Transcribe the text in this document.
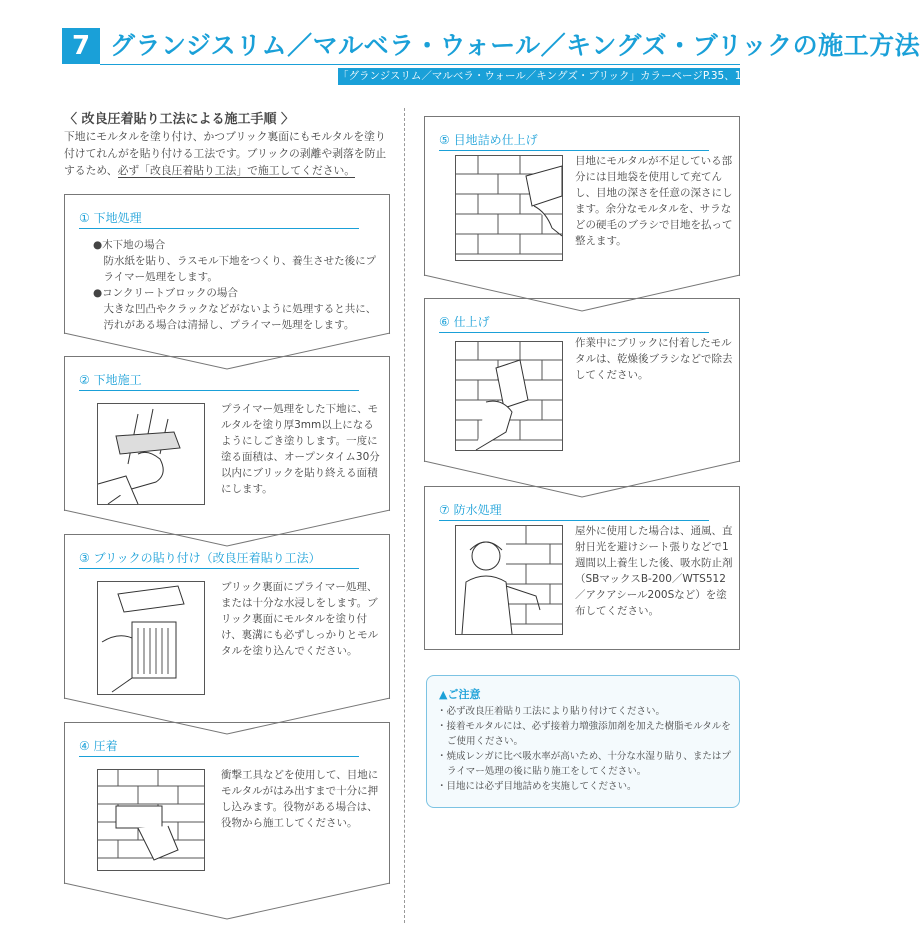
7 グランジスリム／マルベラ・ウォール／キングズ・ブリックの施工方法
「グランジスリム／マルベラ・ウォール／キングズ・ブリック」カラーページP.35、102-103
〈 改良圧着貼り工法による施工手順 〉
下地にモルタルを塗り付け、かつブリック裏面にもモルタルを塗り付けてれんがを貼り付ける工法です。ブリックの剥離や剥落を防止するため、必ず「改良圧着貼り工法」で施工してください。
① 下地処理
●木下地の場合
　防水紙を貼り、ラスモル下地をつくり、養生させた後にプ
　ライマー処理をします。
●コンクリートブロックの場合
　大きな凹凸やクラックなどがないように処理すると共に、
　汚れがある場合は清掃し、プライマー処理をします。
② 下地施工
プライマー処理をした下地に、モルタルを塗り厚3mm以上になるようにしごき塗りします。一度に塗る面積は、オープンタイム30分以内にブリックを貼り終える面積にします。
③ ブリックの貼り付け（改良圧着貼り工法）
ブリック裏面にプライマー処理、または十分な水浸しをします。ブリック裏面にモルタルを塗り付け、裏溝にも必ずしっかりとモルタルを塗り込んでください。
④ 圧着
衝撃工具などを使用して、目地にモルタルがはみ出すまで十分に押し込みます。役物がある場合は、役物から施工してください。
⑤ 目地詰め仕上げ
目地にモルタルが不足している部分には目地袋を使用して充てんし、目地の深さを任意の深さにします。余分なモルタルを、サラなどの硬毛のブラシで目地を払って整えます。
⑥ 仕上げ
作業中にブリックに付着したモルタルは、乾燥後ブラシなどで除去してください。
⑦ 防水処理
屋外に使用した場合は、通風、直射日光を避けシート張りなどで1週間以上養生した後、吸水防止剤（SBマックスB-200／WTS512／アクアシール200Sなど）を塗布してください。
▲ご注意
・必ず改良圧着貼り工法により貼り付けてください。
・接着モルタルには、必ず接着力増強添加剤を加えた樹脂モルタルをご使用ください。
・焼成レンガに比べ吸水率が高いため、十分な水湿り貼り、またはプライマー処理の後に貼り施工をしてください。
・目地には必ず目地詰めを実施してください。
